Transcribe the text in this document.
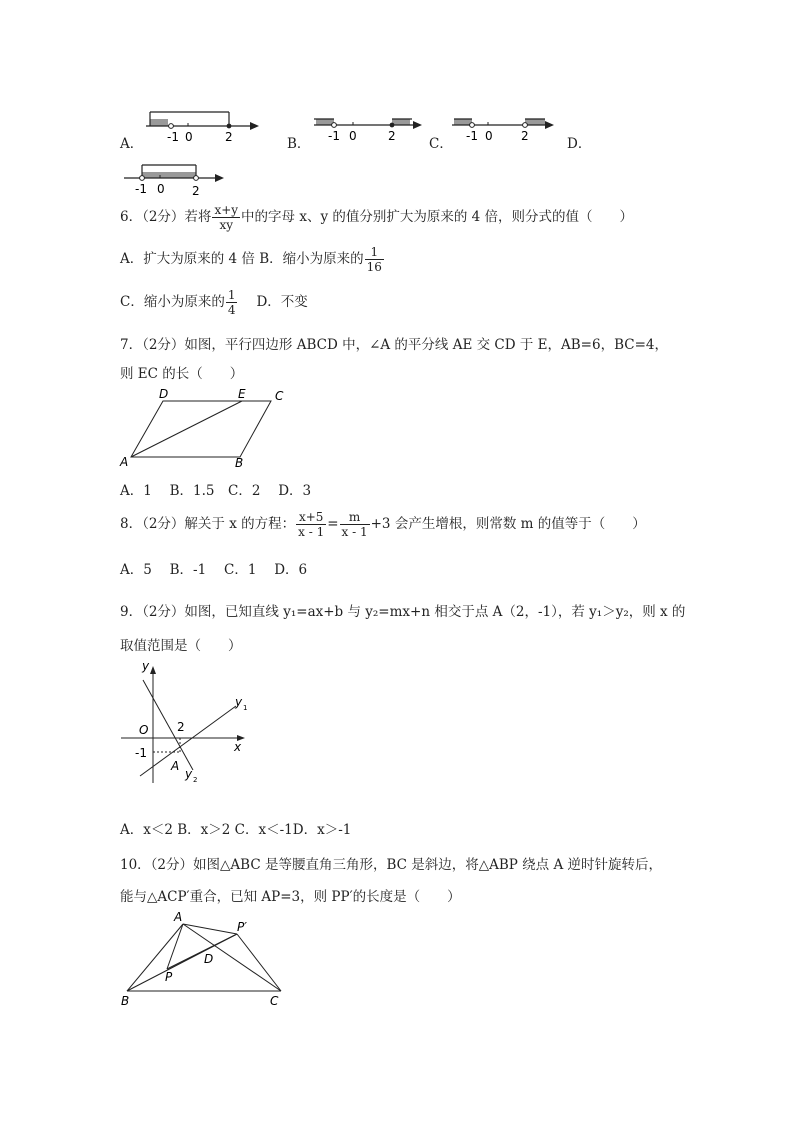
A． -1 0	2	B． -1 0	2 C． -1 0 2	D．
-1 0 2
6．（2分）若将 $\frac{x+y}{xy}$ 中的字母 x、y 的值分别扩大为原来的 4 倍，则分式的值（　　）
A．扩大为原来的 4 倍 B．缩小为原来的 $\frac{1}{16}$
C．缩小为原来的 $\frac{1}{4}$ D．不变
7．（2分）如图，平行四边形 ABCD 中，∠A 的平分线 AE 交 CD 于 E，AB=6，BC=4，
则 EC 的长（　　）
A	B
C
D	E
A．1　 B．1.5　C．2　 D．3
8．（2分）解关于 x 的方程： $\frac{x+5}{x - 1} = \frac{m}{x - 1} +3$ 会产生增根，则常数 m 的值等于（　　）
A．5　 B．-1　 C．1　 D．6
9．（2分）如图，已知直线 y₁=ax+b 与 y₂=mx+n 相交于点 A（2，-1），若 y₁＞y₂，则 x 的
取值范围是（　　）
y
x
O 2
-1
A
y 1
y 2
A．x＜2 B．x＞2 C．x＜-1D．x＞-1
10．（2分）如图△ABC 是等腰直角三角形，BC 是斜边，将△ABP 绕点 A 逆时针旋转后，
能与△ACP′重合，已知 AP=3，则 PP′的长度是（　　）
A
B	C
P
P′
D
